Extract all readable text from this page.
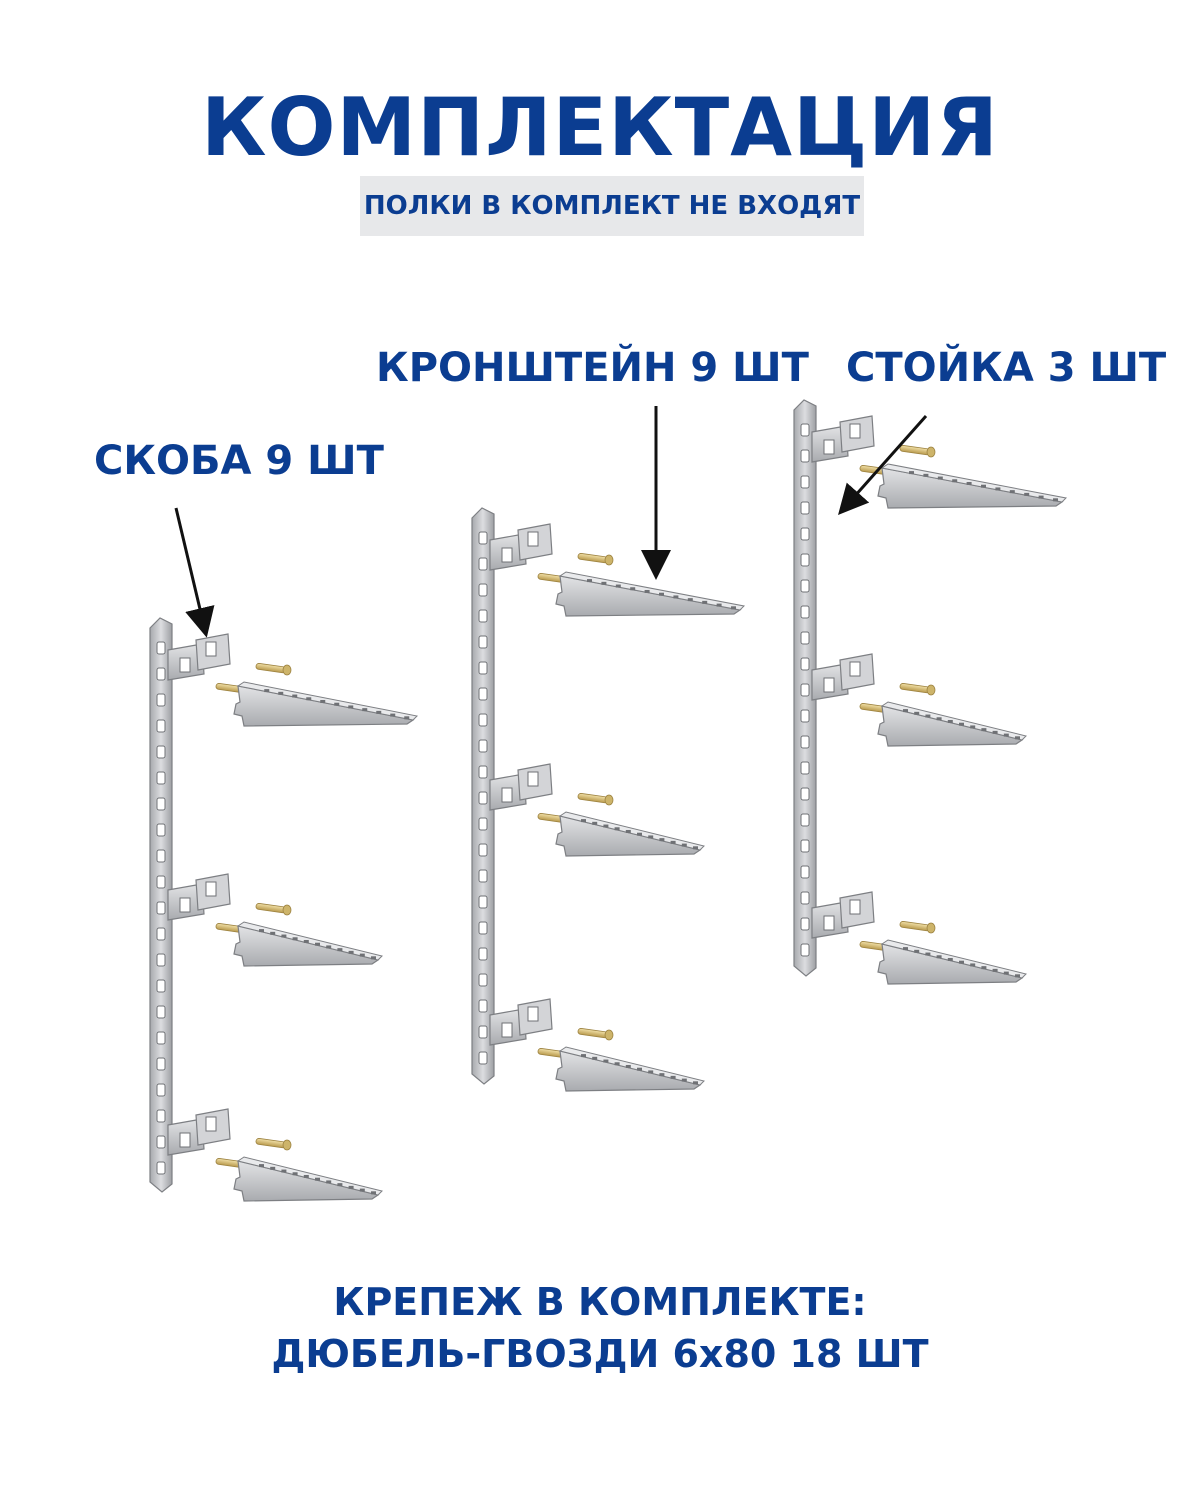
КОМПЛЕКТАЦИЯ
ПОЛКИ В КОМПЛЕКТ НЕ ВХОДЯТ
СКОБА 9 ШТ
КРОНШТЕЙН 9 ШТ СТОЙКА 3 ШТ
КРЕПЕЖ В КОМПЛЕКТЕ:
ДЮБЕЛЬ-ГВОЗДИ 6x80 18 ШТ
